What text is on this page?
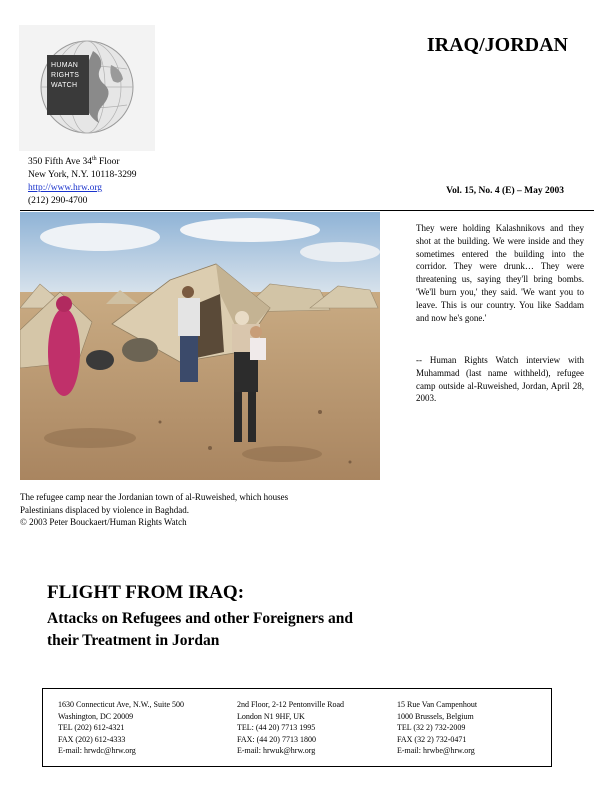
HUMAN
RIGHTS
WATCH
IRAQ/JORDAN
350 Fifth Ave 34th Floor
New York, N.Y. 10118-3299
http://www.hrw.org
(212) 290-4700
Vol. 15, No. 4 (E) – May 2003
The refugee camp near the Jordanian town of al-Ruweished, which houses
Palestinians displaced by violence in Baghdad.
© 2003 Peter Bouckaert/Human Rights Watch
They were holding Kalashnikovs and they shot at the building. We were inside and they sometimes entered the building into the corridor. They were drunk… They were threatening us, saying they'll bring bombs. 'We'll burn you,' they said. 'We want you to leave. This is our country. You like Saddam and now he's gone.'
-- Human Rights Watch interview with Muhammad (last name withheld), refugee camp outside al-Ruweished, Jordan, April 28, 2003.
FLIGHT FROM IRAQ:
Attacks on Refugees and other Foreigners and
their Treatment in Jordan
1630 Connecticut Ave, N.W., Suite 500
Washington, DC 20009
TEL (202) 612-4321
FAX (202) 612-4333
E-mail: hrwdc@hrw.org
2nd Floor, 2-12 Pentonville Road
London N1 9HF, UK
TEL: (44 20) 7713 1995
FAX: (44 20) 7713 1800
E-mail: hrwuk@hrw.org
15 Rue Van Campenhout
1000 Brussels, Belgium
TEL (32 2) 732-2009
FAX (32 2) 732-0471
E-mail: hrwbe@hrw.org
